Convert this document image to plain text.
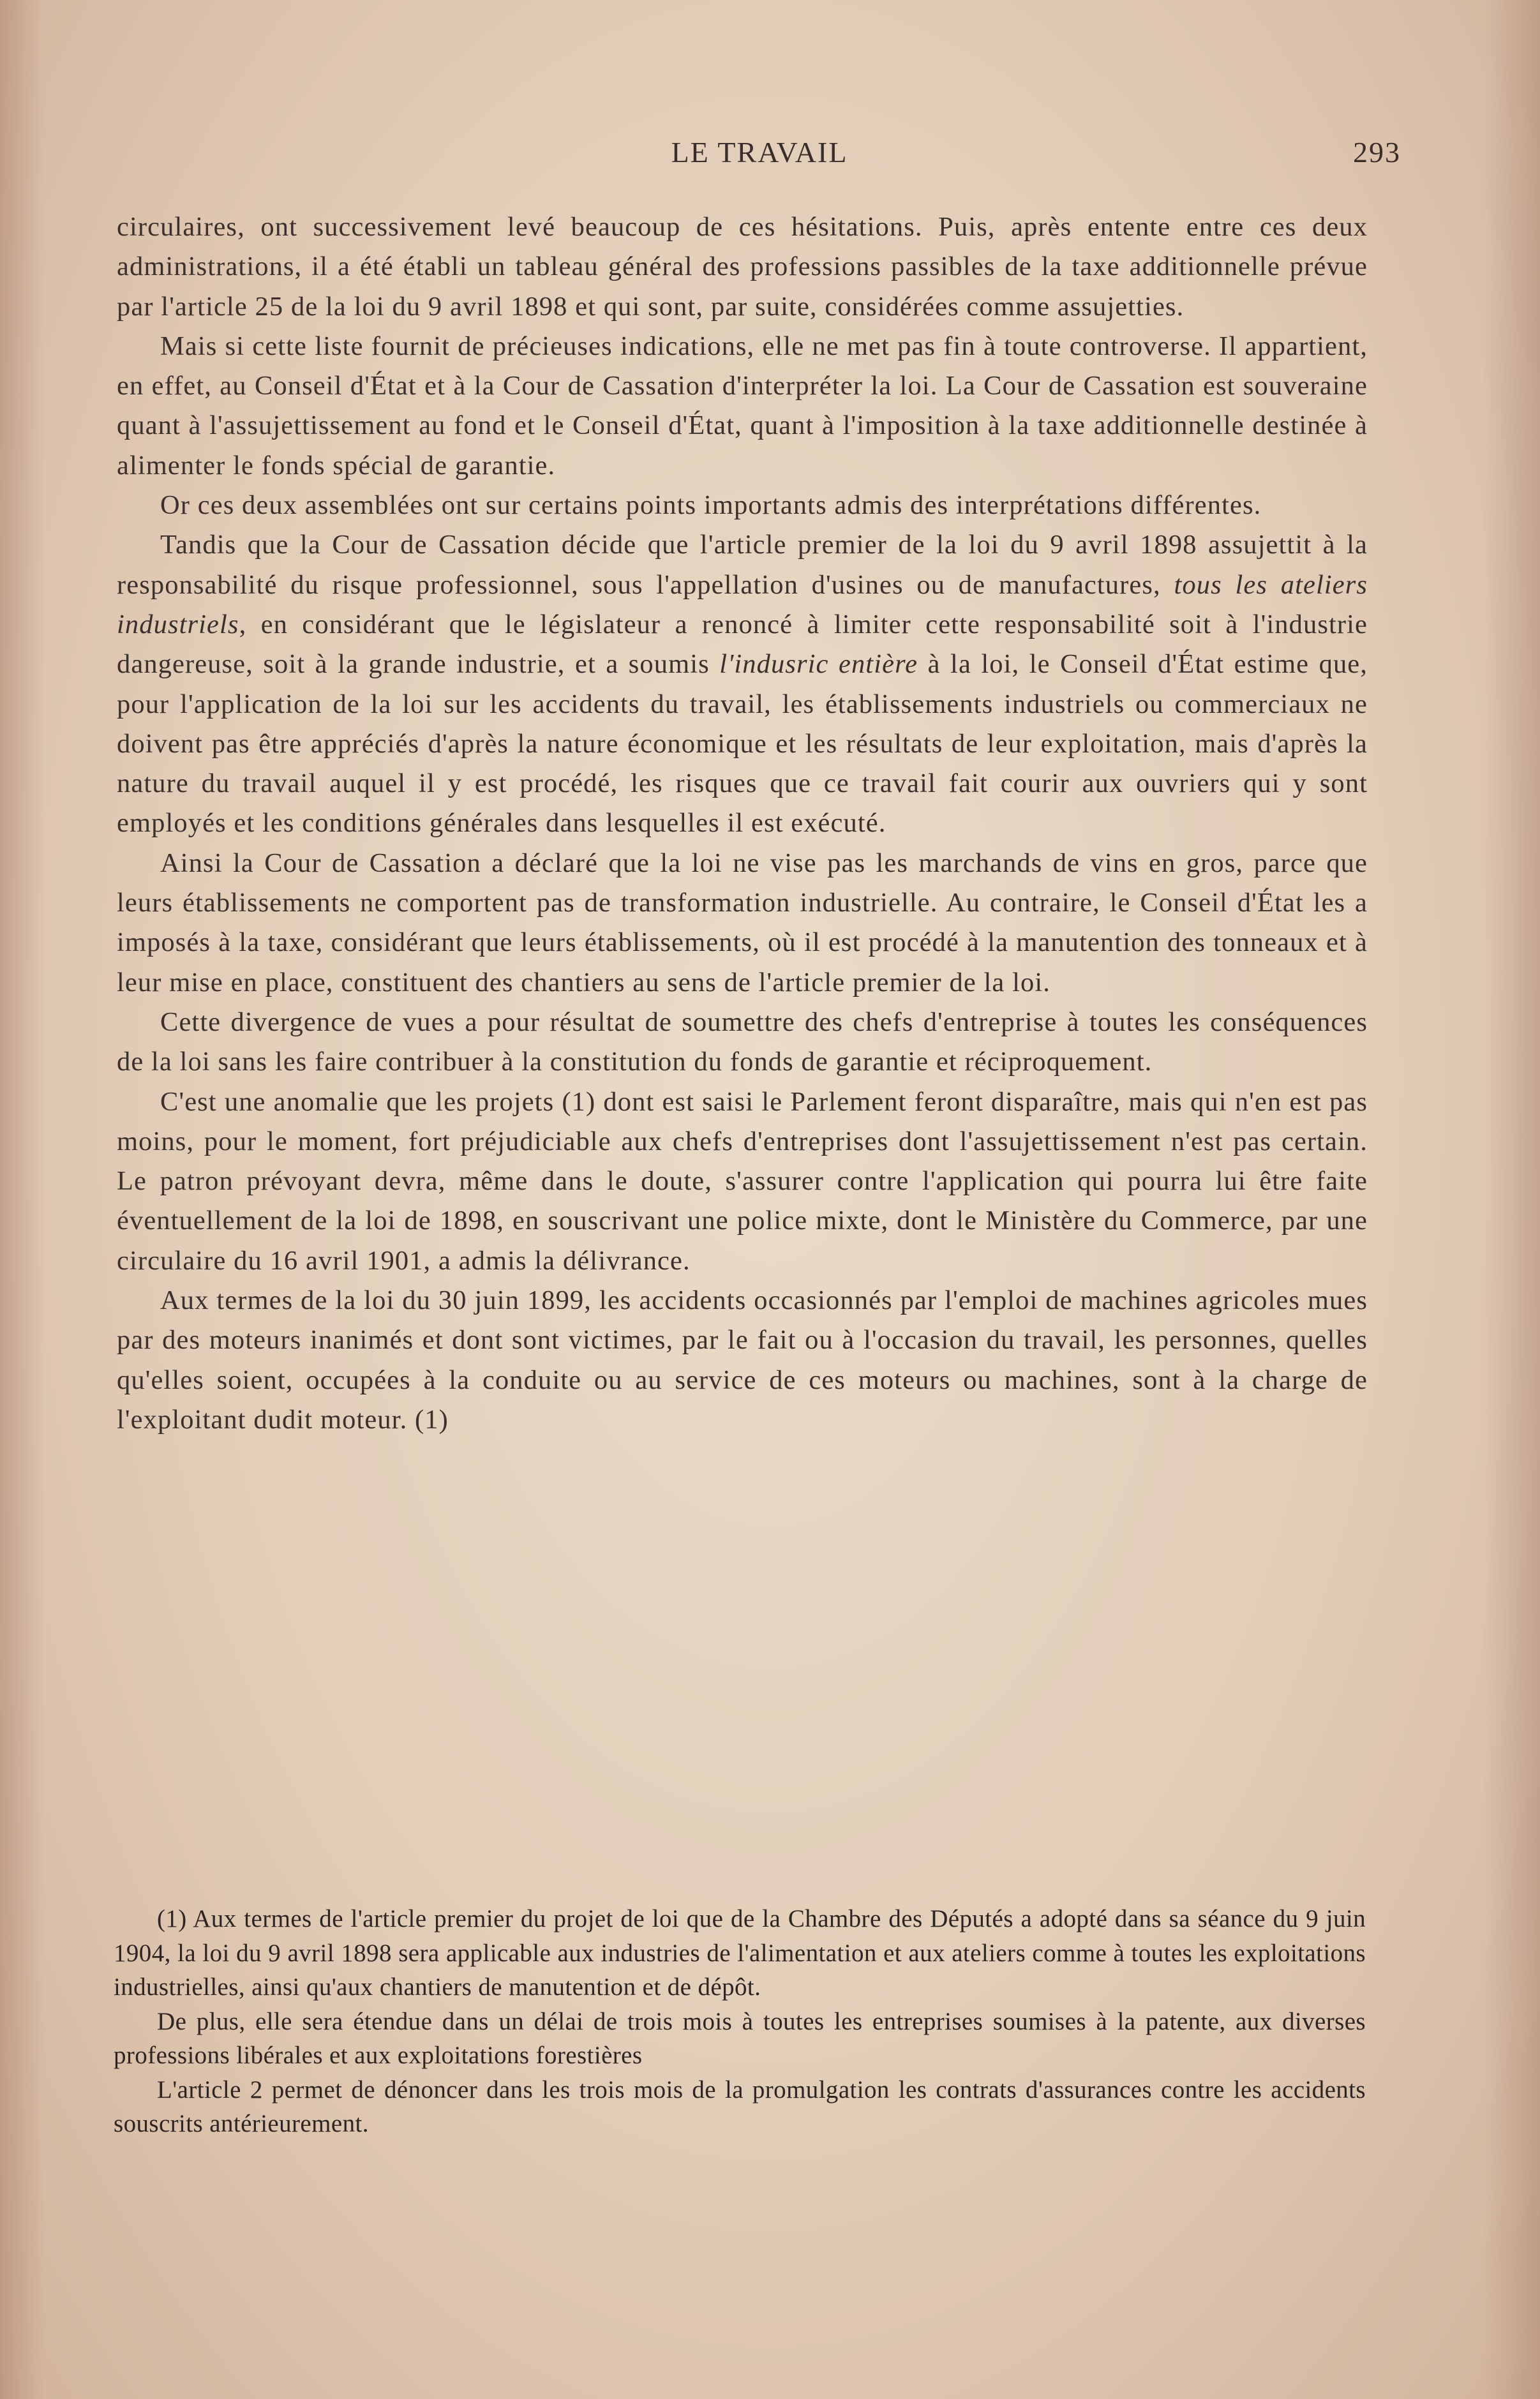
LE TRAVAIL	293

circulaires, ont successivement levé beaucoup de ces hésitations. Puis, après entente entre ces deux administrations, il a été établi un tableau général des professions passibles de la taxe additionnelle prévue par l'article 25 de la loi du 9 avril 1898 et qui sont, par suite, considérées comme assujetties.

Mais si cette liste fournit de précieuses indications, elle ne met pas fin à toute controverse. Il appartient, en effet, au Conseil d'État et à la Cour de Cassation d'interpréter la loi. La Cour de Cassation est souveraine quant à l'assujettissement au fond et le Conseil d'État, quant à l'imposition à la taxe additionnelle destinée à alimenter le fonds spécial de garantie.

Or ces deux assemblées ont sur certains points importants admis des interprétations différentes.

Tandis que la Cour de Cassation décide que l'article premier de la loi du 9 avril 1898 assujettit à la responsabilité du risque professionnel, sous l'appellation d'usines ou de manufactures, tous les ateliers industriels, en considérant que le législateur a renoncé à limiter cette responsabilité soit à l'industrie dangereuse, soit à la grande industrie, et a soumis l'indusric entière à la loi, le Conseil d'État estime que, pour l'application de la loi sur les accidents du travail, les établissements industriels ou commerciaux ne doivent pas être appréciés d'après la nature économique et les résultats de leur exploitation, mais d'après la nature du travail auquel il y est procédé, les risques que ce travail fait courir aux ouvriers qui y sont employés et les conditions générales dans lesquelles il est exécuté.

Ainsi la Cour de Cassation a déclaré que la loi ne vise pas les marchands de vins en gros, parce que leurs établissements ne comportent pas de transformation industrielle. Au contraire, le Conseil d'État les a imposés à la taxe, considérant que leurs établissements, où il est procédé à la manutention des tonneaux et à leur mise en place, constituent des chantiers au sens de l'article premier de la loi.

Cette divergence de vues a pour résultat de soumettre des chefs d'entreprise à toutes les conséquences de la loi sans les faire contribuer à la constitution du fonds de garantie et réciproquement.

C'est une anomalie que les projets (1) dont est saisi le Parlement feront disparaître, mais qui n'en est pas moins, pour le moment, fort préjudiciable aux chefs d'entreprises dont l'assujettissement n'est pas certain. Le patron prévoyant devra, même dans le doute, s'assurer contre l'application qui pourra lui être faite éventuellement de la loi de 1898, en souscrivant une police mixte, dont le Ministère du Commerce, par une circulaire du 16 avril 1901, a admis la délivrance.

Aux termes de la loi du 30 juin 1899, les accidents occasionnés par l'emploi de machines agricoles mues par des moteurs inanimés et dont sont victimes, par le fait ou à l'occasion du travail, les personnes, quelles qu'elles soient, occupées à la conduite ou au service de ces moteurs ou machines, sont à la charge de l'exploitant dudit moteur. (1)

(1) Aux termes de l'article premier du projet de loi que de la Chambre des Députés a adopté dans sa séance du 9 juin 1904, la loi du 9 avril 1898 sera applicable aux industries de l'alimentation et aux ateliers comme à toutes les exploitations industrielles, ainsi qu'aux chantiers de manutention et de dépôt.

De plus, elle sera étendue dans un délai de trois mois à toutes les entreprises soumises à la patente, aux diverses professions libérales et aux exploitations forestières

L'article 2 permet de dénoncer dans les trois mois de la promulgation les contrats d'assurances contre les accidents souscrits antérieurement.
